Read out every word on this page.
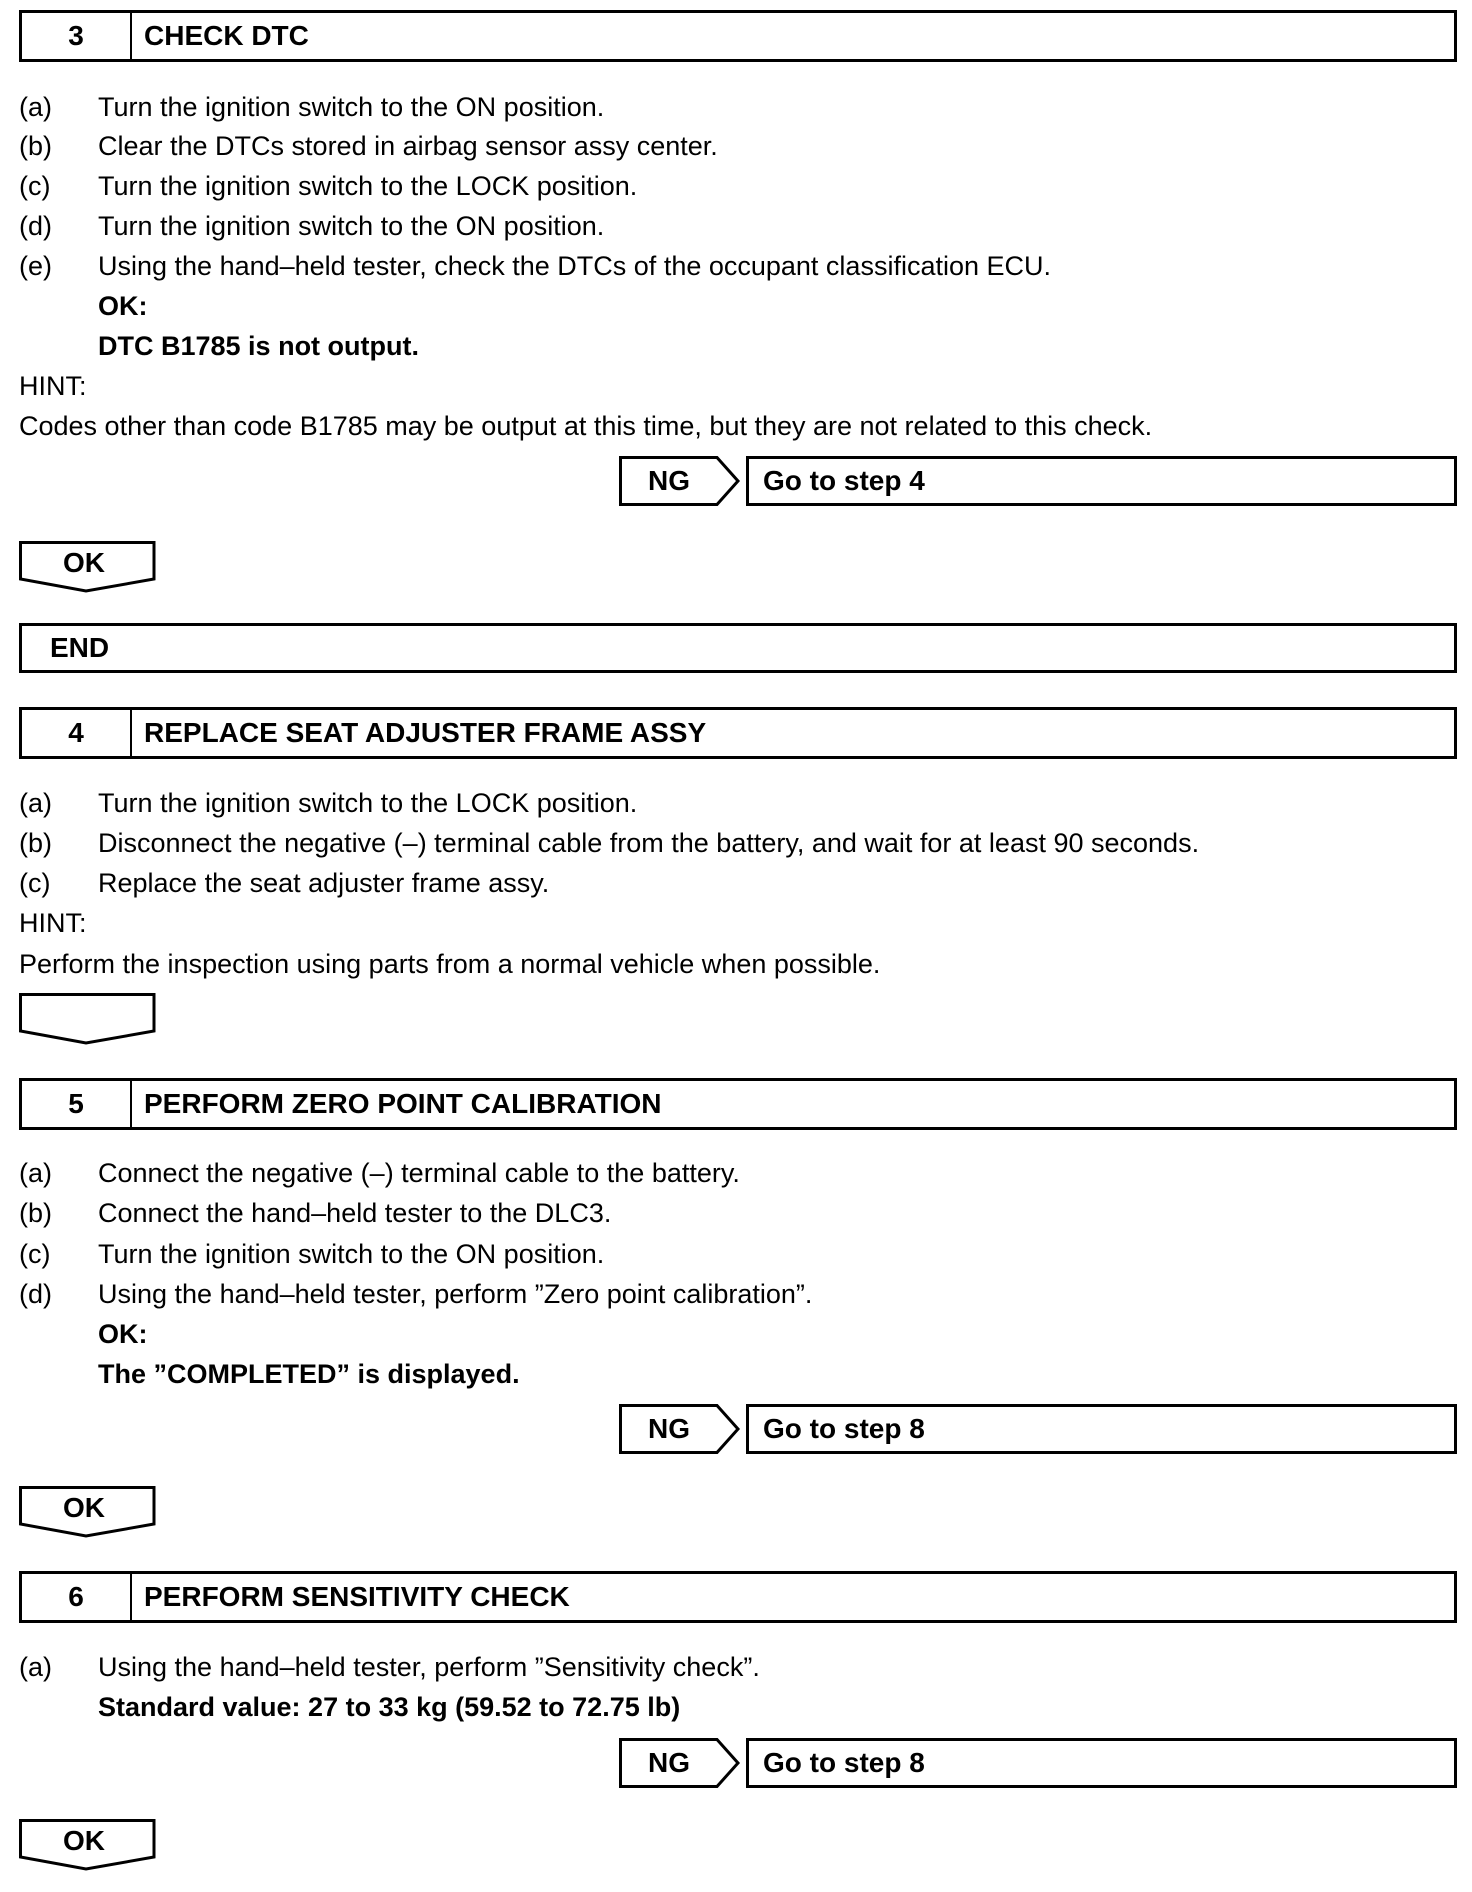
3	CHECK DTC
(a) Turn the ignition switch to the ON position.
(b) Clear the DTCs stored in airbag sensor assy center.
(c) Turn the ignition switch to the LOCK position.
(d) Turn the ignition switch to the ON position.
(e) Using the hand–held tester, check the DTCs of the occupant classification ECU.
OK:
DTC B1785 is not output.
HINT:
Codes other than code B1785 may be output at this time, but they are not related to this check.
NG	Go to step 4
OK
END
4	REPLACE SEAT ADJUSTER FRAME ASSY
(a) Turn the ignition switch to the LOCK position.
(b) Disconnect the negative (–) terminal cable from the battery, and wait for at least 90 seconds.
(c) Replace the seat adjuster frame assy.
HINT:
Perform the inspection using parts from a normal vehicle when possible.
5	PERFORM ZERO POINT CALIBRATION
(a) Connect the negative (–) terminal cable to the battery.
(b) Connect the hand–held tester to the DLC3.
(c) Turn the ignition switch to the ON position.
(d) Using the hand–held tester, perform ”Zero point calibration”.
OK:
The ”COMPLETED” is displayed.
NG	Go to step 8
OK
6	PERFORM SENSITIVITY CHECK
(a) Using the hand–held tester, perform ”Sensitivity check”.
Standard value: 27 to 33 kg (59.52 to 72.75 lb)
NG	Go to step 8
OK
